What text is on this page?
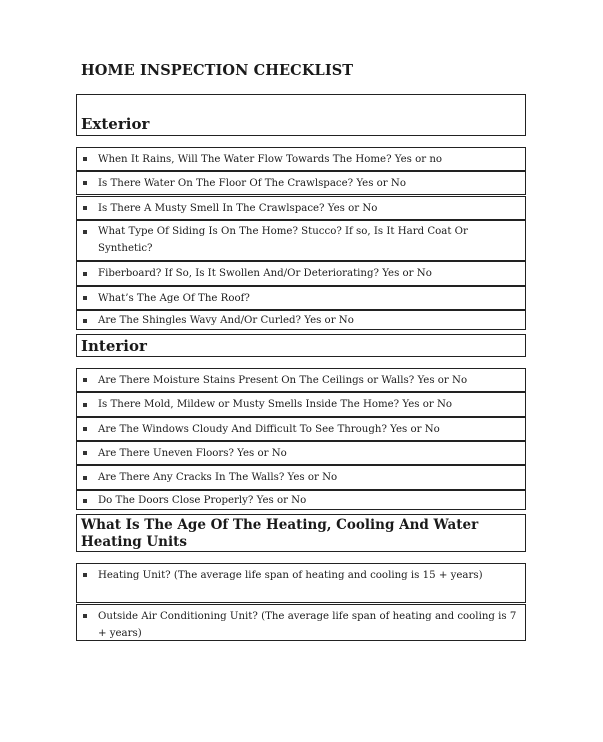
HOME INSPECTION CHECKLIST
Exterior
When It Rains, Will The Water Flow Towards The Home? Yes or no
Is There Water On The Floor Of The Crawlspace? Yes or No
Is There A Musty Smell In The Crawlspace? Yes or No
What Type Of Siding Is On The Home? Stucco? If so, Is It Hard Coat Or Synthetic?
Fiberboard? If So, Is It Swollen And/Or Deteriorating? Yes or No
What’s The Age Of The Roof?
Are The Shingles Wavy And/Or Curled? Yes or No
Interior
Are There Moisture Stains Present On The Ceilings or Walls? Yes or No
Is There Mold, Mildew or Musty Smells Inside The Home? Yes or No
Are The Windows Cloudy And Difficult To See Through? Yes or No
Are There Uneven Floors? Yes or No
Are There Any Cracks In The Walls? Yes or No
Do The Doors Close Properly? Yes or No
What Is The Age Of The Heating, Cooling And Water Heating Units
Heating Unit? (The average life span of heating and cooling is 15 + years)
Outside Air Conditioning Unit? (The average life span of heating and cooling is 7 + years)
